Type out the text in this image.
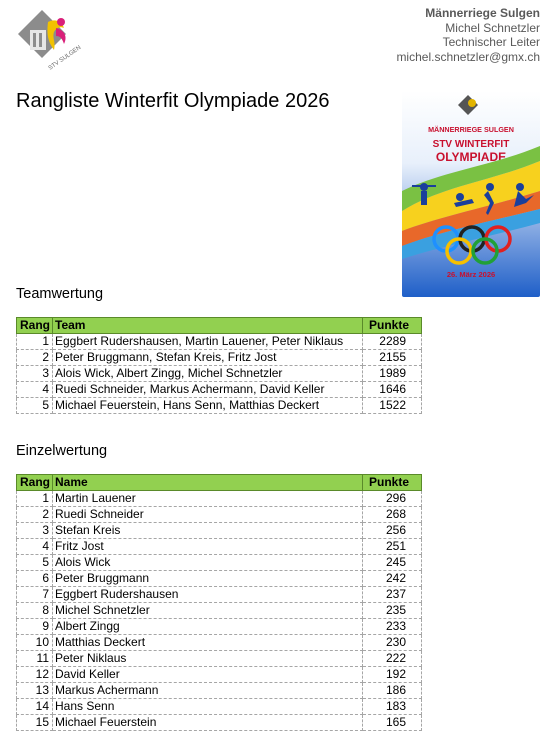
STV SULGEN
Männerriege Sulgen
Michel Schnetzler
Technischer Leiter
michel.schnetzler@gmx.ch
Rangliste Winterfit Olympiade 2026
MÄNNERRIEGE SULGEN
STV WINTERFIT
OLYMPIADE
26. März 2026
Teamwertung
Rang	Team	Punkte
1	Eggbert Rudershausen, Martin Lauener, Peter Niklaus	2289
2	Peter Bruggmann, Stefan Kreis, Fritz Jost	2155
3	Alois Wick, Albert Zingg, Michel Schnetzler	1989
4	Ruedi Schneider, Markus Achermann, David Keller	1646
5	Michael Feuerstein, Hans Senn, Matthias Deckert	1522
Einzelwertung
Rang	Name	Punkte
1	Martin Lauener	296
2	Ruedi Schneider	268
3	Stefan Kreis	256
4	Fritz Jost	251
5	Alois Wick	245
6	Peter Bruggmann	242
7	Eggbert Rudershausen	237
8	Michel Schnetzler	235
9	Albert Zingg	233
10	Matthias Deckert	230
11	Peter Niklaus	222
12	David Keller	192
13	Markus Achermann	186
14	Hans Senn	183
15	Michael Feuerstein	165
